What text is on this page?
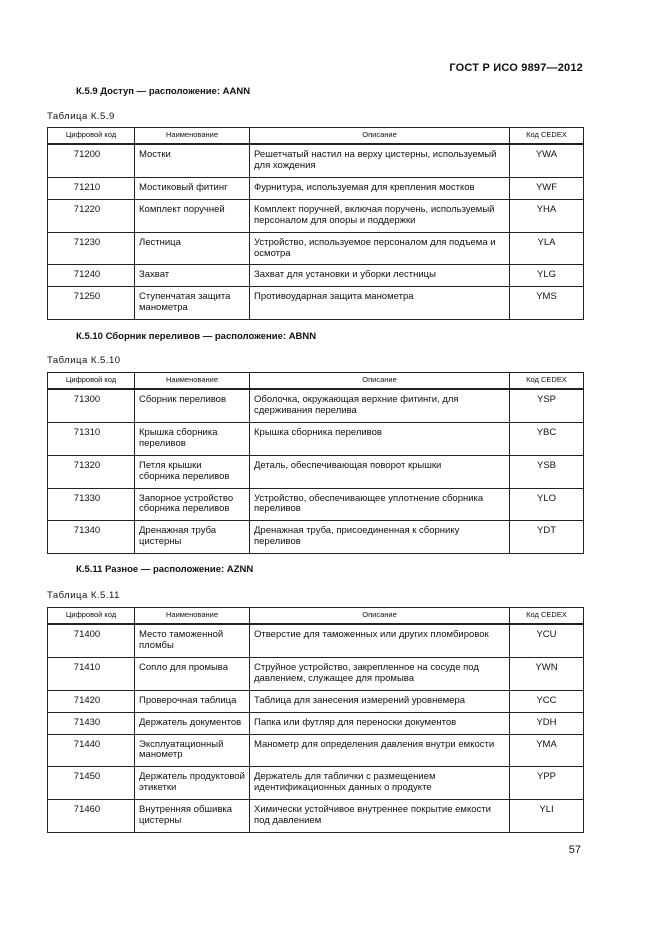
ГОСТ Р ИСО 9897—2012
К.5.9 Доступ — расположение: AANN
Таблица К.5.9
Цифровой код	Наименование	Описание	Код CEDEX
71200	Мостки	Решетчатый настил на верху цистерны, используемый для хождения	YWA
71210	Мостиковый фитинг	Фурнитура, используемая для крепления мостков	YWF
71220	Комплект поручней	Комплект поручней, включая поручень, используемый персоналом для опоры и поддержки	YHA
71230	Лестница	Устройство, используемое персоналом для подъема и осмотра	YLA
71240	Захват	Захват для установки и уборки лестницы	YLG
71250	Ступенчатая защита манометра	Противоударная защита манометра	YMS
К.5.10 Сборник переливов — расположение: ABNN
Таблица К.5.10
Цифровой код	Наименование	Описание	Код CEDEX
71300	Сборник переливов	Оболочка, окружающая верхние фитинги, для сдерживания перелива	YSP
71310	Крышка сборника переливов	Крышка сборника переливов	YBC
71320	Петля крышки сборника переливов	Деталь, обеспечивающая поворот крышки	YSB
71330	Запорное устройство сборника переливов	Устройство, обеспечивающее уплотнение сборника переливов	YLO
71340	Дренажная труба цистерны	Дренажная труба, присоединенная к сборнику переливов	YDT
К.5.11 Разное — расположение: AZNN
Таблица К.5.11
Цифровой код	Наименование	Описание	Код CEDEX
71400	Место таможенной пломбы	Отверстие для таможенных или других пломбировок	YCU
71410	Сопло для промыва	Струйное устройство, закрепленное на сосуде под давлением, служащее для промыва	YWN
71420	Проверочная таблица	Таблица для занесения измерений уровнемера	YCC
71430	Держатель документов	Папка или футляр для переноски документов	YDH
71440	Эксплуатационный манометр	Манометр для определения давления внутри емкости	YMA
71450	Держатель продуктовой этикетки	Держатель для таблички с размещением идентификационных данных о продукте	YPP
71460	Внутренняя обшивка цистерны	Химически устойчивое внутреннее покрытие емкости под давлением	YLI
57
